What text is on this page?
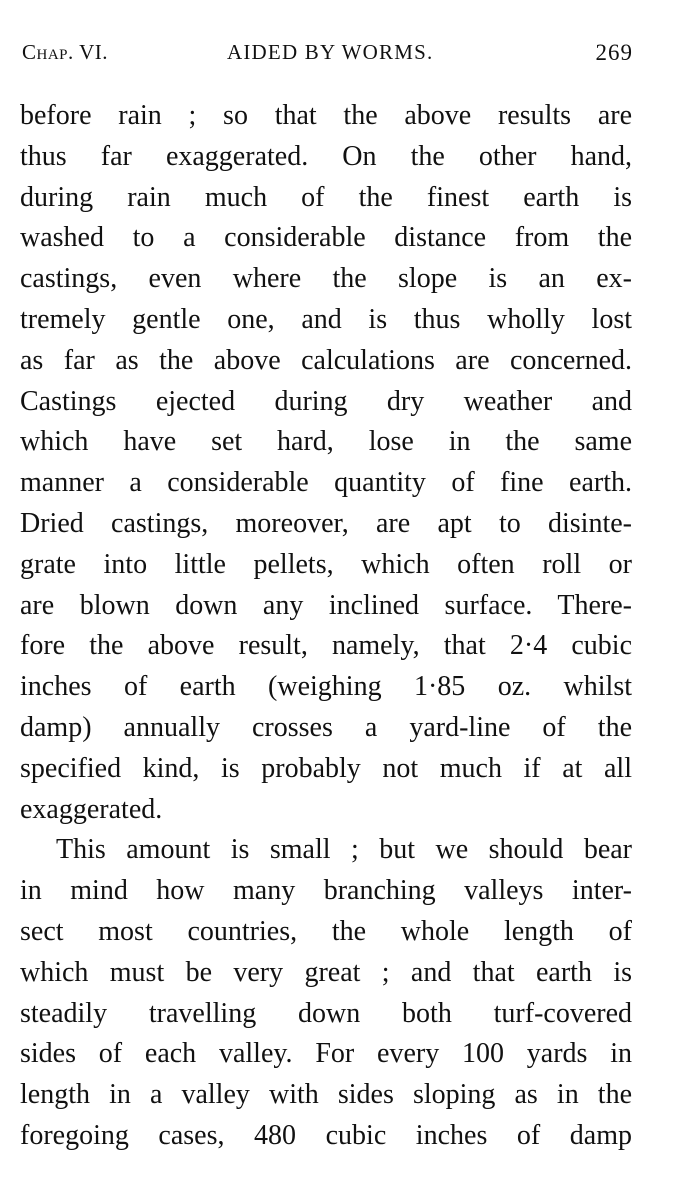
Chap. VI.	AIDED BY WORMS.	269
before rain ; so that the above results are
thus far exaggerated. On the other hand,
during rain much of the finest earth is
washed to a considerable distance from the
castings, even where the slope is an ex-
tremely gentle one, and is thus wholly lost
as far as the above calculations are concerned.
Castings ejected during dry weather and
which have set hard, lose in the same
manner a considerable quantity of fine earth.
Dried castings, moreover, are apt to disinte-
grate into little pellets, which often roll or
are blown down any inclined surface. There-
fore the above result, namely, that 2·4 cubic
inches of earth (weighing 1·85 oz. whilst
damp) annually crosses a yard-line of the
specified kind, is probably not much if at all
exaggerated.
This amount is small ; but we should bear
in mind how many branching valleys inter-
sect most countries, the whole length of
which must be very great ; and that earth is
steadily travelling down both turf-covered
sides of each valley. For every 100 yards in
length in a valley with sides sloping as in the
foregoing cases, 480 cubic inches of damp
